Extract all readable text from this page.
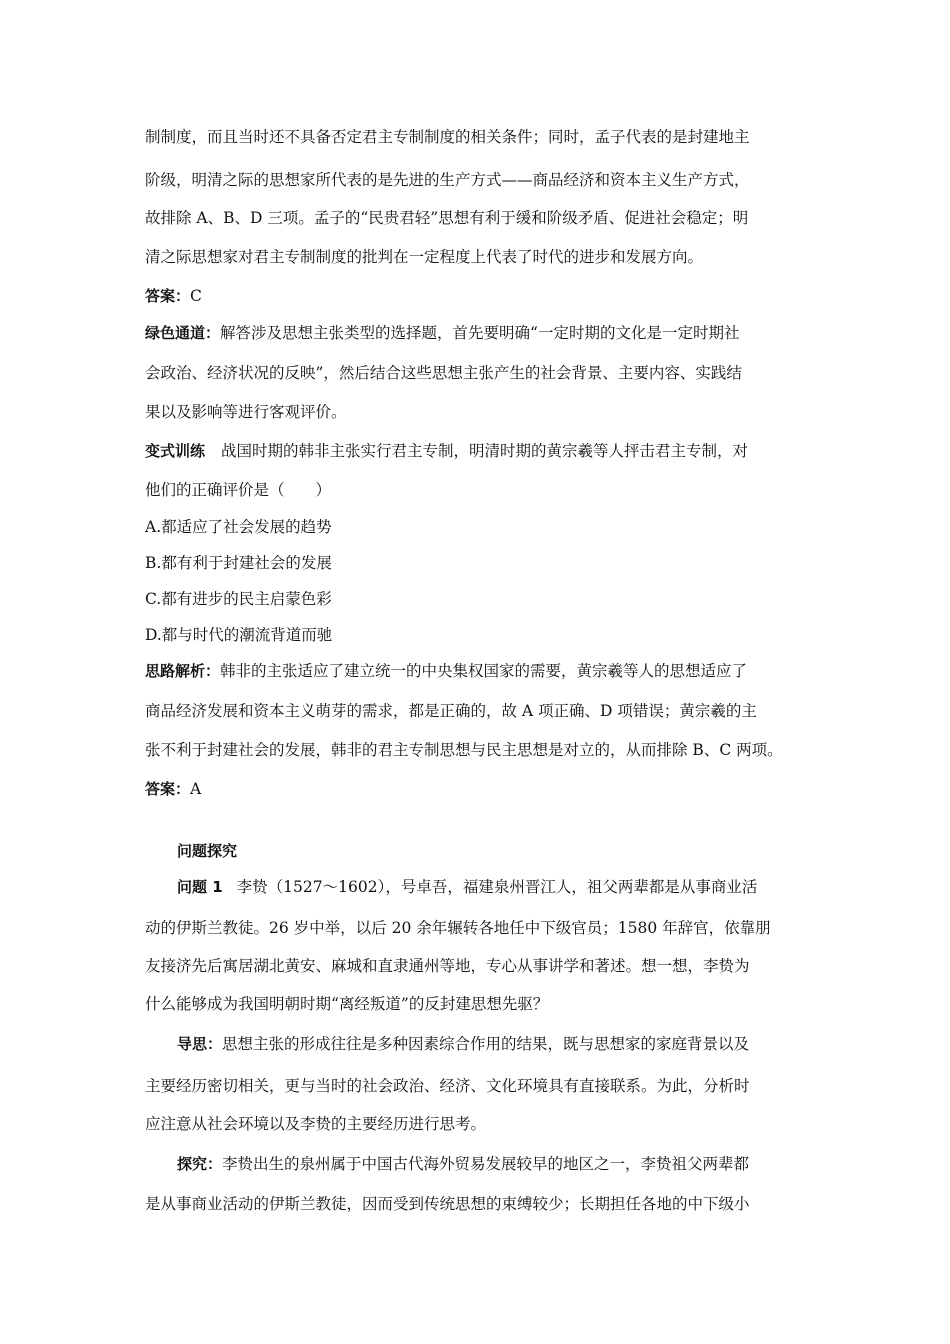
制制度，而且当时还不具备否定君主专制制度的相关条件；同时，孟子代表的是封建地主
阶级，明清之际的思想家所代表的是先进的生产方式——商品经济和资本主义生产方式，
故排除 A、B、D 三项。孟子的“民贵君轻”思想有利于缓和阶级矛盾、促进社会稳定；明
清之际思想家对君主专制制度的批判在一定程度上代表了时代的进步和发展方向。
答案：C
绿色通道：解答涉及思想主张类型的选择题，首先要明确“一定时期的文化是一定时期社
会政治、经济状况的反映”，然后结合这些思想主张产生的社会背景、主要内容、实践结
果以及影响等进行客观评价。
变式训练 战国时期的韩非主张实行君主专制，明清时期的黄宗羲等人抨击君主专制，对
他们的正确评价是（　　）
A.都适应了社会发展的趋势
B.都有利于封建社会的发展
C.都有进步的民主启蒙色彩
D.都与时代的潮流背道而驰
思路解析：韩非的主张适应了建立统一的中央集权国家的需要，黄宗羲等人的思想适应了
商品经济发展和资本主义萌芽的需求，都是正确的，故 A 项正确、D 项错误；黄宗羲的主
张不利于封建社会的发展，韩非的君主专制思想与民主思想是对立的，从而排除 B、C 两项。
答案：A
问题探究
问题 1 李贽（1527～1602），号卓吾，福建泉州晋江人，祖父两辈都是从事商业活
动的伊斯兰教徒。26 岁中举，以后 20 余年辗转各地任中下级官员；1580 年辞官，依靠朋
友接济先后寓居湖北黄安、麻城和直隶通州等地，专心从事讲学和著述。想一想，李贽为
什么能够成为我国明朝时期“离经叛道”的反封建思想先驱？
导思：思想主张的形成往往是多种因素综合作用的结果，既与思想家的家庭背景以及
主要经历密切相关，更与当时的社会政治、经济、文化环境具有直接联系。为此，分析时
应注意从社会环境以及李贽的主要经历进行思考。
探究：李贽出生的泉州属于中国古代海外贸易发展较早的地区之一，李贽祖父两辈都
是从事商业活动的伊斯兰教徒，因而受到传统思想的束缚较少；长期担任各地的中下级小
